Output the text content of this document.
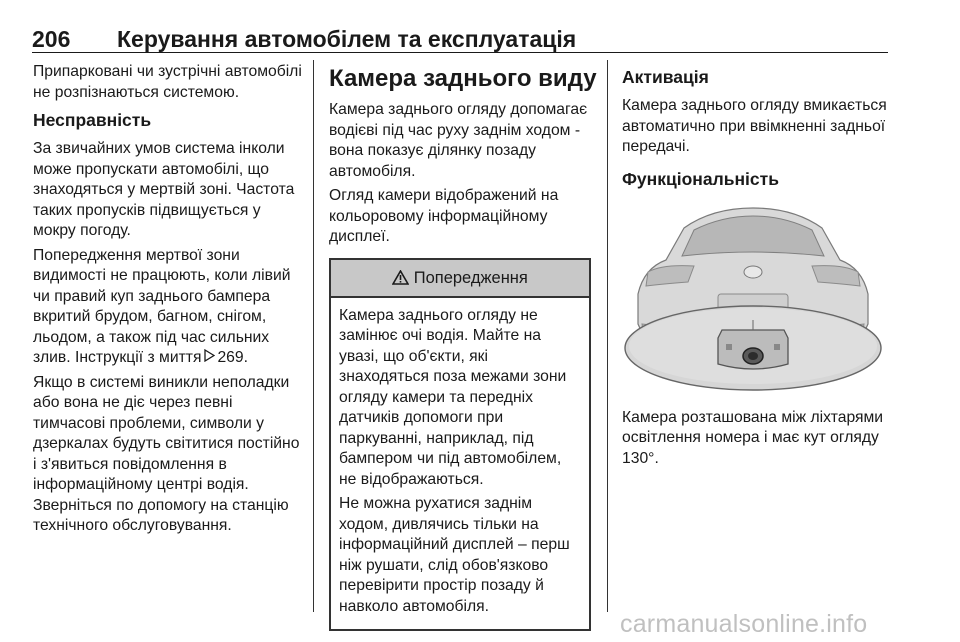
206 Керування автомобілем та експлуатація

Припарковані чи зустрічні автомобілі не розпізнаються системою.

Несправність

За звичайних умов система інколи може пропускати автомобілі, що знаходяться у мертвій зоні. Частота таких пропусків підвищується у мокру погоду.

Попередження мертвої зони видимості не працюють, коли лівий чи правий куп заднього бампера вкритий брудом, багном, снігом, льодом, а також під час сильних злив. Інструкції з миття 269.

Якщо в системі виникли неполадки або вона не діє через певні тимчасові проблеми, символи у дзеркалах будуть світитися постійно і з'явиться повідомлення в інформаційному центрі водія. Зверніться по допомогу на станцію технічного обслуговування.

Камера заднього виду

Камера заднього огляду допомагає водієві під час руху заднім ходом - вона показує ділянку позаду автомобіля.

Огляд камери відображений на кольоровому інформаційному дисплеї.

Попередження

Камера заднього огляду не замінює очі водія. Майте на увазі, що об'єкти, які знаходяться поза межами зони огляду камери та передніх датчиків допомоги при паркуванні, наприклад, під бампером чи під автомобілем, не відображаються.

Не можна рухатися заднім ходом, дивлячись тільки на інформаційний дисплей – перш ніж рушати, слід обов'язково перевірити простір позаду й навколо автомобіля.

Активація

Камера заднього огляду вмикається автоматично при ввімкненні задньої передачі.

Функціональність

Камера розташована між ліхтарями освітлення номера і має кут огляду 130°.

carmanualsonline.info
